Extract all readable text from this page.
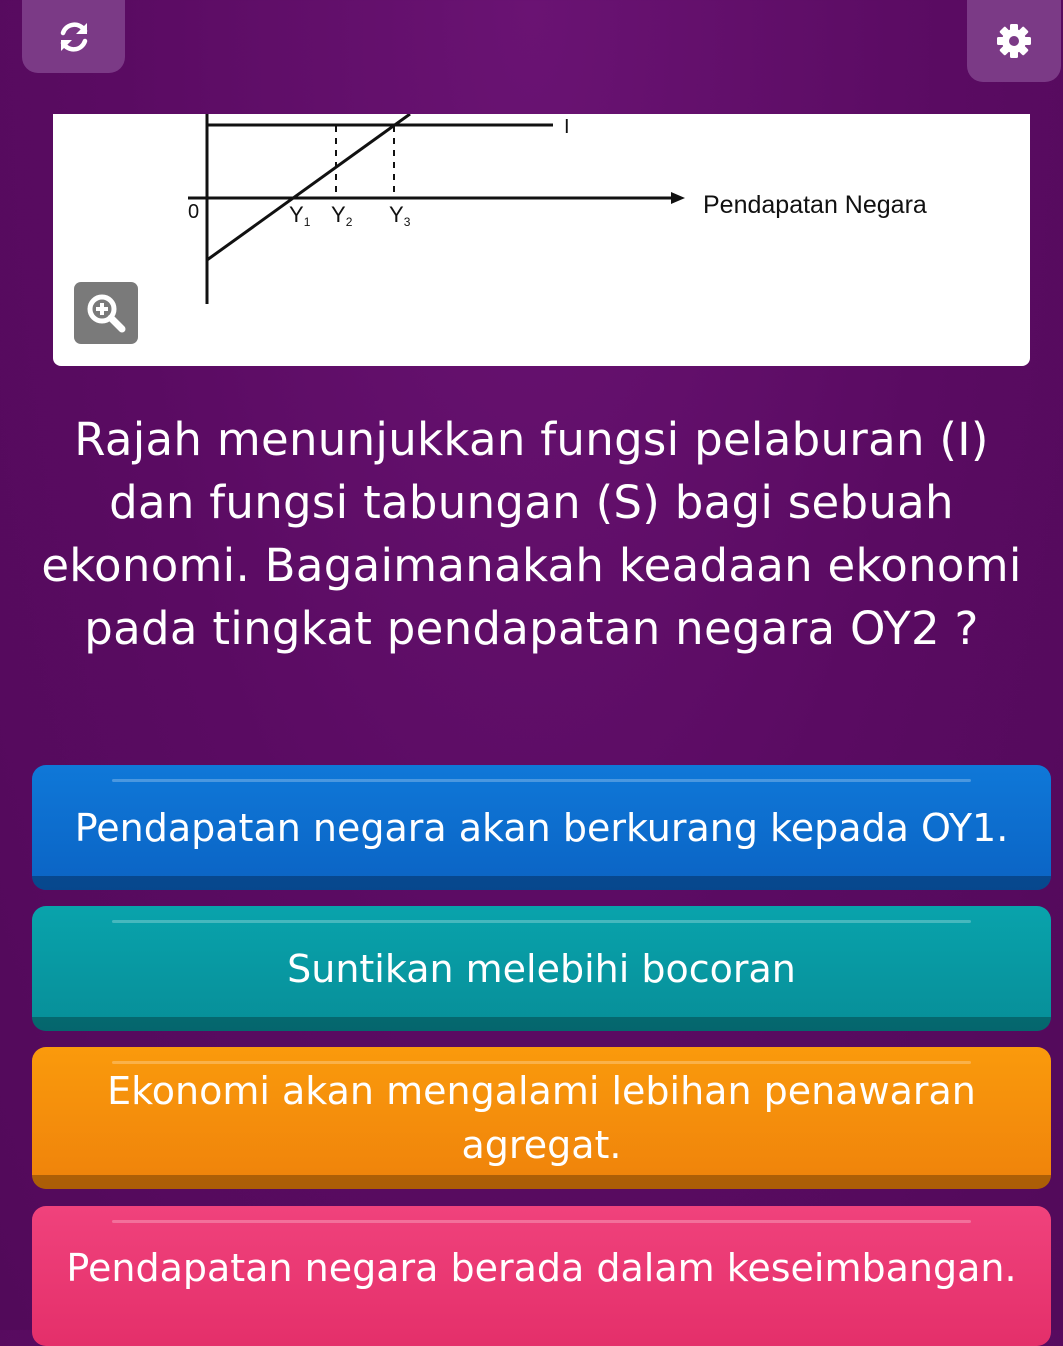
I
0	Y1 Y2 Y3
Pendapatan Negara
Rajah menunjukkan fungsi pelaburan (I) dan fungsi tabungan (S) bagi sebuah ekonomi. Bagaimanakah keadaan ekonomi pada tingkat pendapatan negara OY2 ?
Pendapatan negara akan berkurang kepada OY1.
Suntikan melebihi bocoran
Ekonomi akan mengalami lebihan penawaran agregat.
Pendapatan negara berada dalam keseimbangan.
